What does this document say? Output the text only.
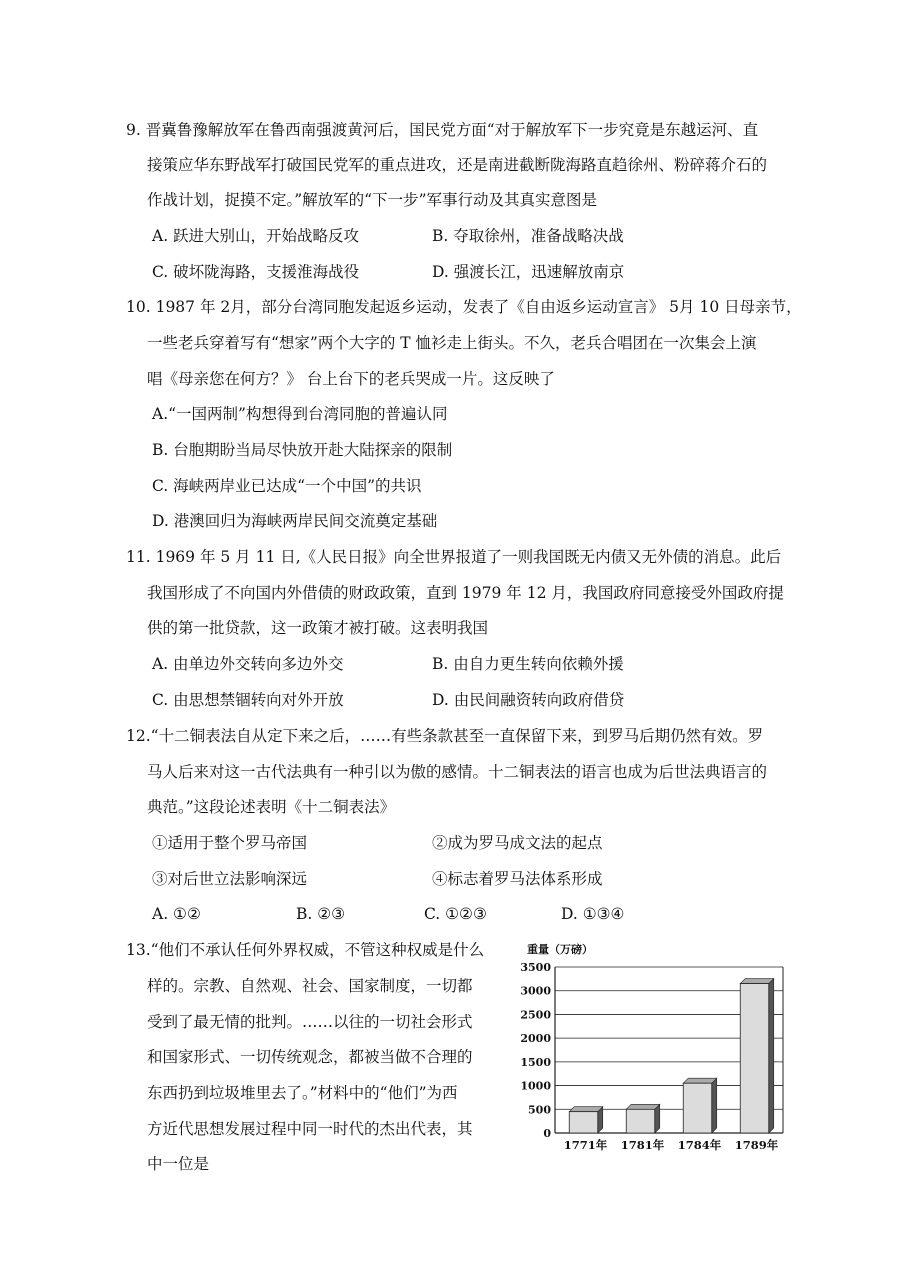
9. 晋冀鲁豫解放军在鲁西南强渡黄河后，国民党方面“对于解放军下一步究竟是东越运河、直
接策应华东野战军打破国民党军的重点进攻，还是南进截断陇海路直趋徐州、粉碎蒋介石的
作战计划，捉摸不定。”解放军的“下一步”军事行动及其真实意图是
A. 跃进大别山，开始战略反攻	B. 夺取徐州，准备战略决战
C. 破坏陇海路，支援淮海战役	D. 强渡长江，迅速解放南京
10. 1987 年 2月，部分台湾同胞发起返乡运动，发表了《自由返乡运动宣言》 5月 10 日母亲节，
一些老兵穿着写有“想家”两个大字的 T 恤衫走上街头。不久，老兵合唱团在一次集会上演
唱《母亲您在何方？》 台上台下的老兵哭成一片。这反映了
A.“一国两制”构想得到台湾同胞的普遍认同
B. 台胞期盼当局尽快放开赴大陆探亲的限制
C. 海峡两岸业已达成“一个中国”的共识
D. 港澳回归为海峡两岸民间交流奠定基础
11. 1969 年 5 月 11 日,《人民日报》向全世界报道了一则我国既无内债又无外债的消息。此后
我国形成了不向国内外借债的财政政策，直到 1979 年 12 月，我国政府同意接受外国政府提
供的第一批贷款，这一政策才被打破。这表明我国
A. 由单边外交转向多边外交	B. 由自力更生转向依赖外援
C. 由思想禁锢转向对外开放	D. 由民间融资转向政府借贷
12.“十二铜表法自从定下来之后，……有些条款甚至一直保留下来，到罗马后期仍然有效。罗
马人后来对这一古代法典有一种引以为傲的感情。十二铜表法的语言也成为后世法典语言的
典范。”这段论述表明《十二铜表法》
①适用于整个罗马帝国	②成为罗马成文法的起点
③对后世立法影响深远	④标志着罗马法体系形成
A. ①②	B. ②③	C. ①②③	D. ①③④
13.“他们不承认任何外界权威，不管这种权威是什么
样的。宗教、自然观、社会、国家制度，一切都
受到了最无情的批判。……以往的一切社会形式
和国家形式、一切传统观念，都被当做不合理的
东西扔到垃圾堆里去了。”材料中的“他们”为西
方近代思想发展过程中同一时代的杰出代表，其
中一位是
重量（万磅）
0
500
1000
1500
2000
2500
3000
3500
1771年 1781年 1784年 1789年
